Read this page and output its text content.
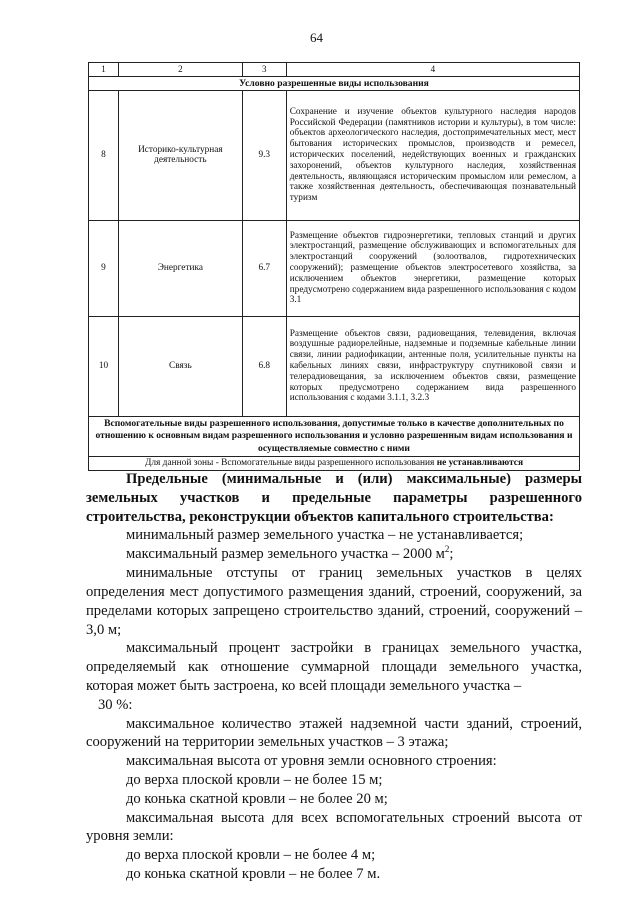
64
1	2	3	4
Условно разрешенные виды использования			
8	Историко-культурная деятельность	9.3	Сохранение и изучение объектов культурного наследия народов Российской Федерации (памятников истории и культуры), в том числе: объектов археологического наследия, достопримечательных мест, мест бытования исторических промыслов, производств и ремесел, исторических поселений, недействующих военных и гражданских захоронений, объектов культурного наследия, хозяйственная деятельность, являющаяся историческим промыслом или ремеслом, а также хозяйственная деятельность, обеспечивающая познавательный туризм
9	Энергетика	6.7	Размещение объектов гидроэнергетики, тепловых станций и других электростанций, размещение обслуживающих и вспомогательных для электростанций сооружений (золоотвалов, гидротехнических сооружений); размещение объектов электросетевого хозяйства, за исключением объектов энергетики, размещение которых предусмотрено содержанием вида разрешенного использования с кодом 3.1
10	Связь	6.8	Размещение объектов связи, радиовещания, телевидения, включая воздушные радиорелейные, надземные и подземные кабельные линии связи, линии радиофикации, антенные поля, усилительные пункты на кабельных линиях связи, инфраструктуру спутниковой связи и телерадиовещания, за исключением объектов связи, размещение которых предусмотрено содержанием вида разрешенного использования с кодами 3.1.1, 3.2.3
Вспомогательные виды разрешенного использования, допустимые только в качестве дополнительных по отношению к основным видам разрешенного использования и условно разрешенным видам использования и осуществляемые совместно с ними			
Для данной зоны - Вспомогательные виды разрешенного использования не устанавливаются			

Предельные (минимальные и (или) максимальные) размеры земельных участков и предельные параметры разрешенного строительства, реконструкции объектов капитального строительства:

минимальный размер земельного участка – не устанавливается;

максимальный размер земельного участка – 2000 $м^2$;

минимальные отступы от границ земельных участков в целях определения мест допустимого размещения зданий, строений, сооружений, за пределами которых запрещено строительство зданий, строений, сооружений – 3,0 м;

максимальный процент застройки в границах земельного участка, определяемый как отношение суммарной площади земельного участка, которая может быть застроена, ко всей площади земельного участка –

30 %:

максимальное количество этажей надземной части зданий, строений, сооружений на территории земельных участков – 3 этажа;

максимальная высота от уровня земли основного строения:

до верха плоской кровли – не более 15 м;

до конька скатной кровли – не более 20 м;

максимальная высота для всех вспомогательных строений высота от уровня земли:

до верха плоской кровли – не более 4 м;

до конька скатной кровли – не более 7 м.
